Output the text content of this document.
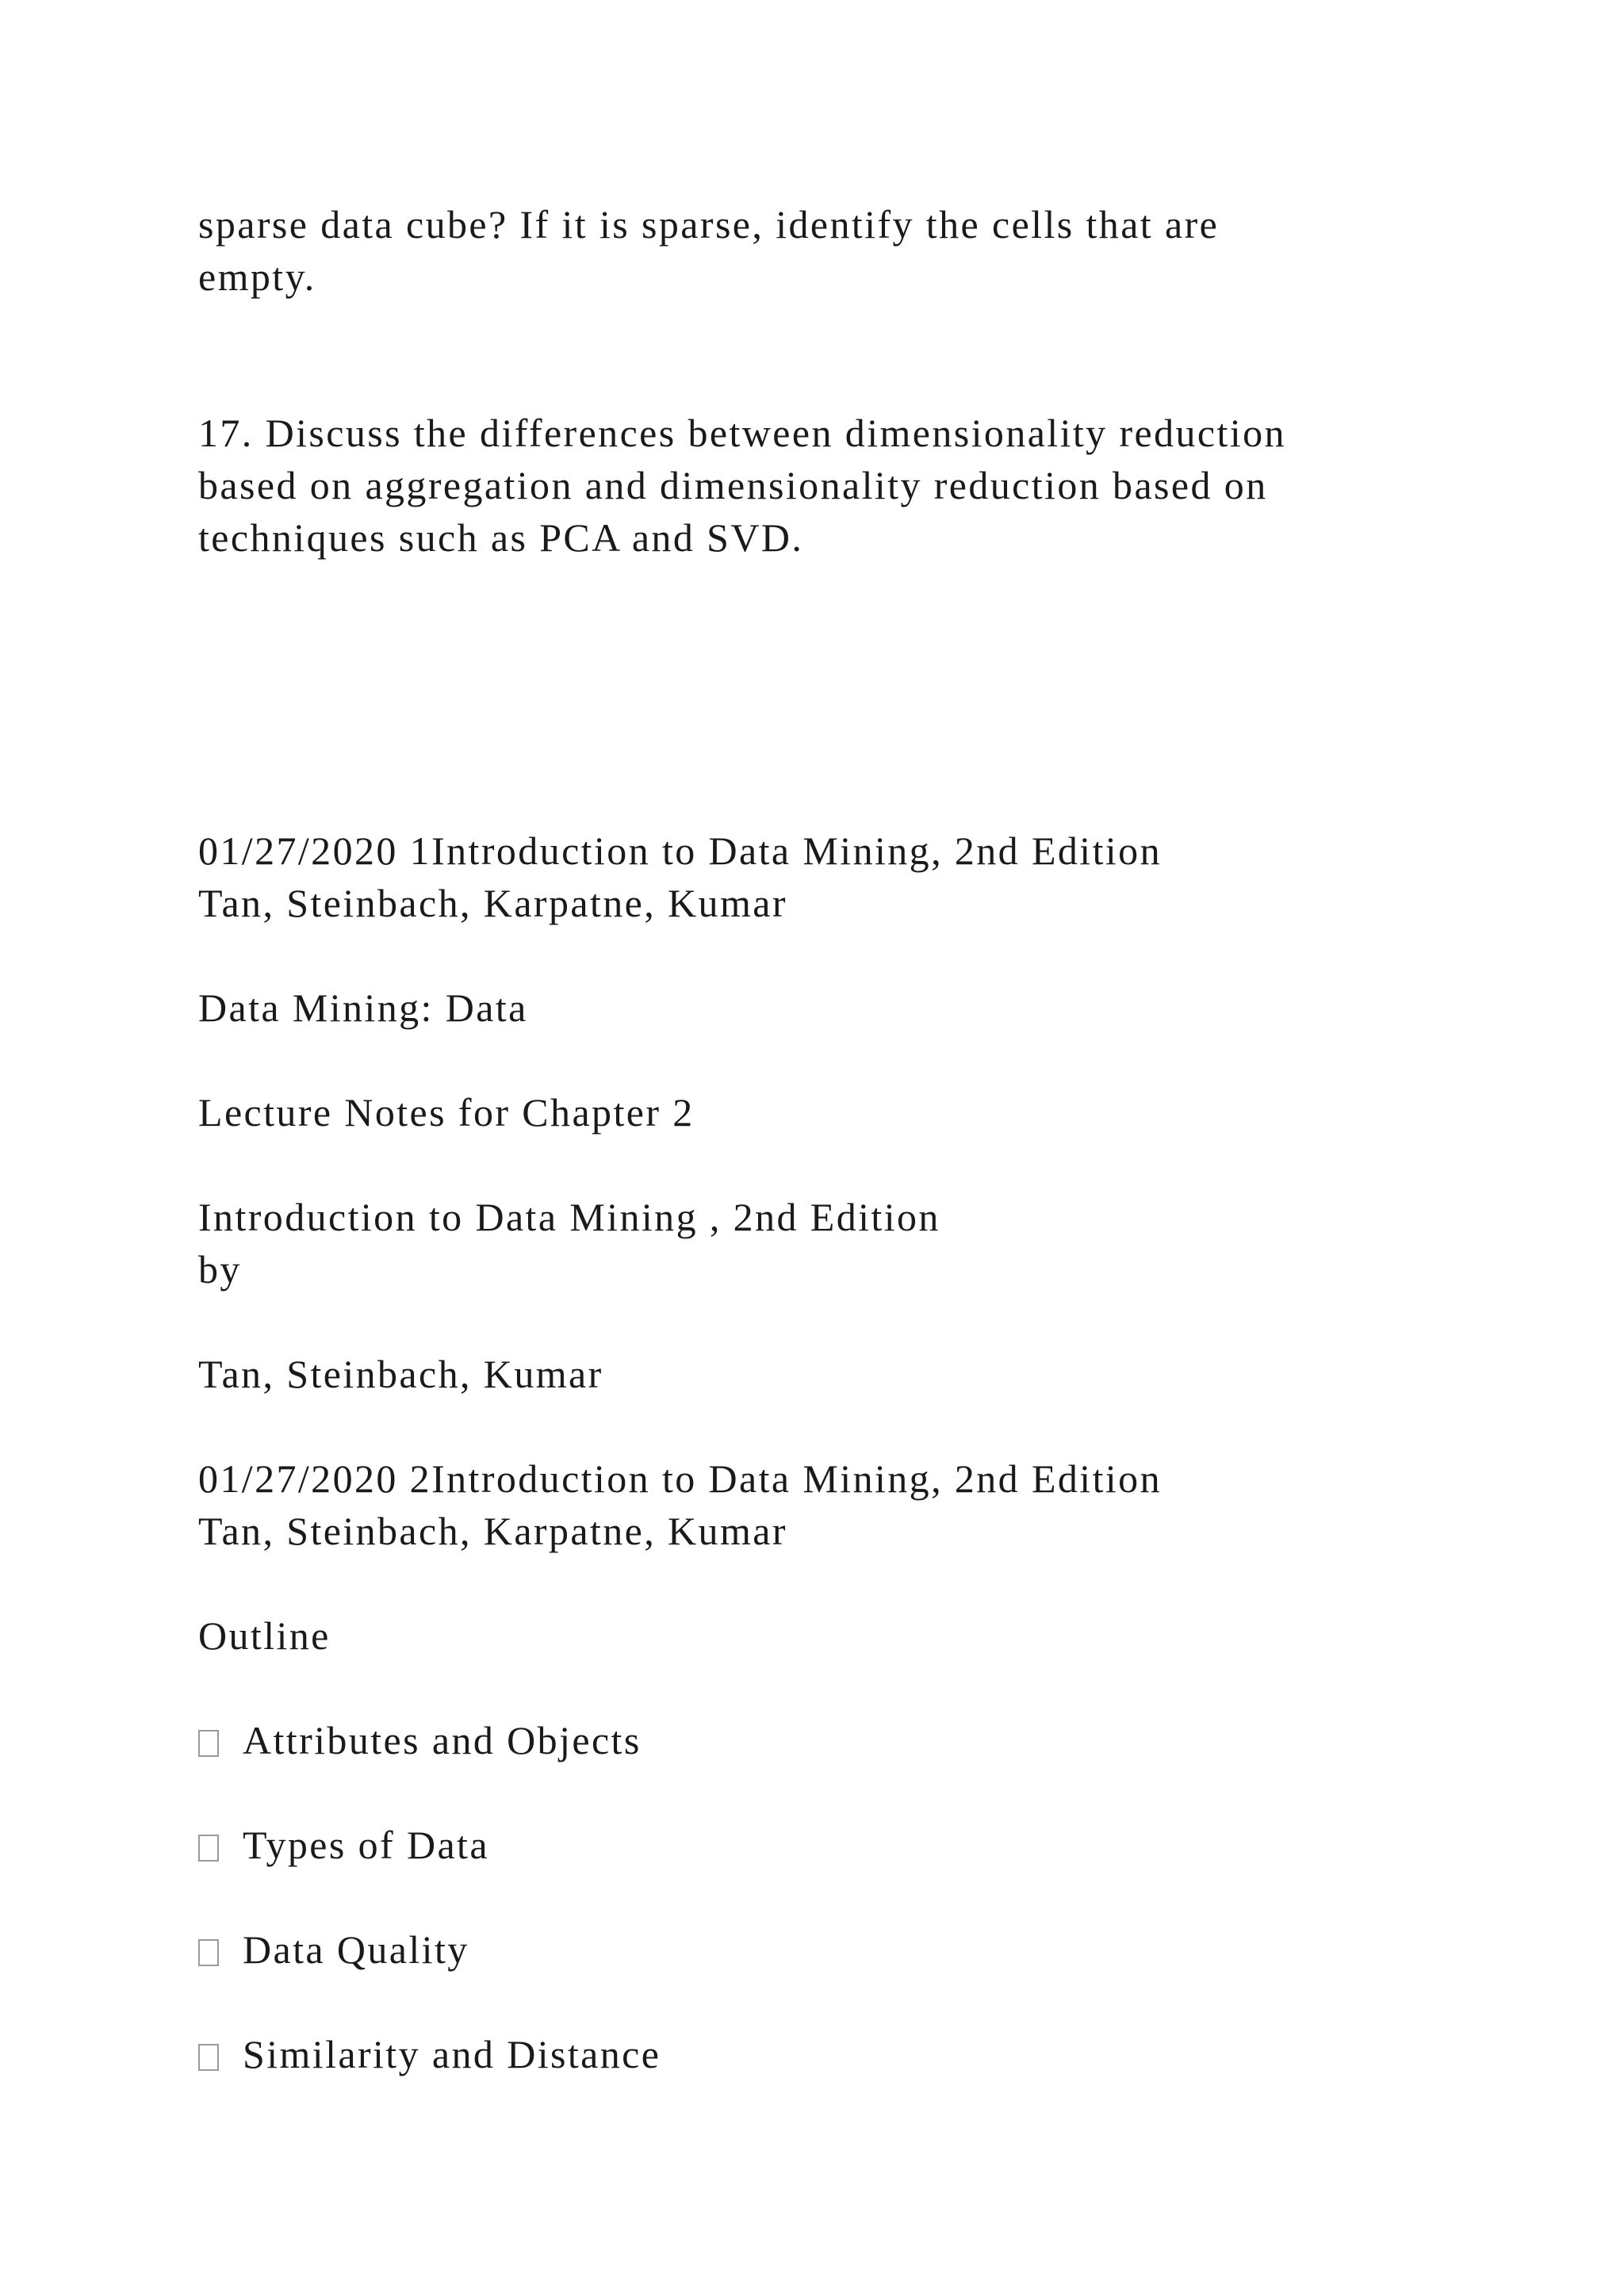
sparse data cube? If it is sparse, identify the cells that are

empty.

17. Discuss the differences between dimensionality reduction

based on aggregation and dimensionality reduction based on

techniques such as PCA and SVD.

01/27/2020 1Introduction to Data Mining, 2nd Edition

Tan, Steinbach, Karpatne, Kumar

Data Mining: Data

Lecture Notes for Chapter 2

Introduction to Data Mining , 2nd Edition

by

Tan, Steinbach, Kumar

01/27/2020 2Introduction to Data Mining, 2nd Edition

Tan, Steinbach, Karpatne, Kumar

Outline

Attributes and Objects

Types of Data

Data Quality

Similarity and Distance
